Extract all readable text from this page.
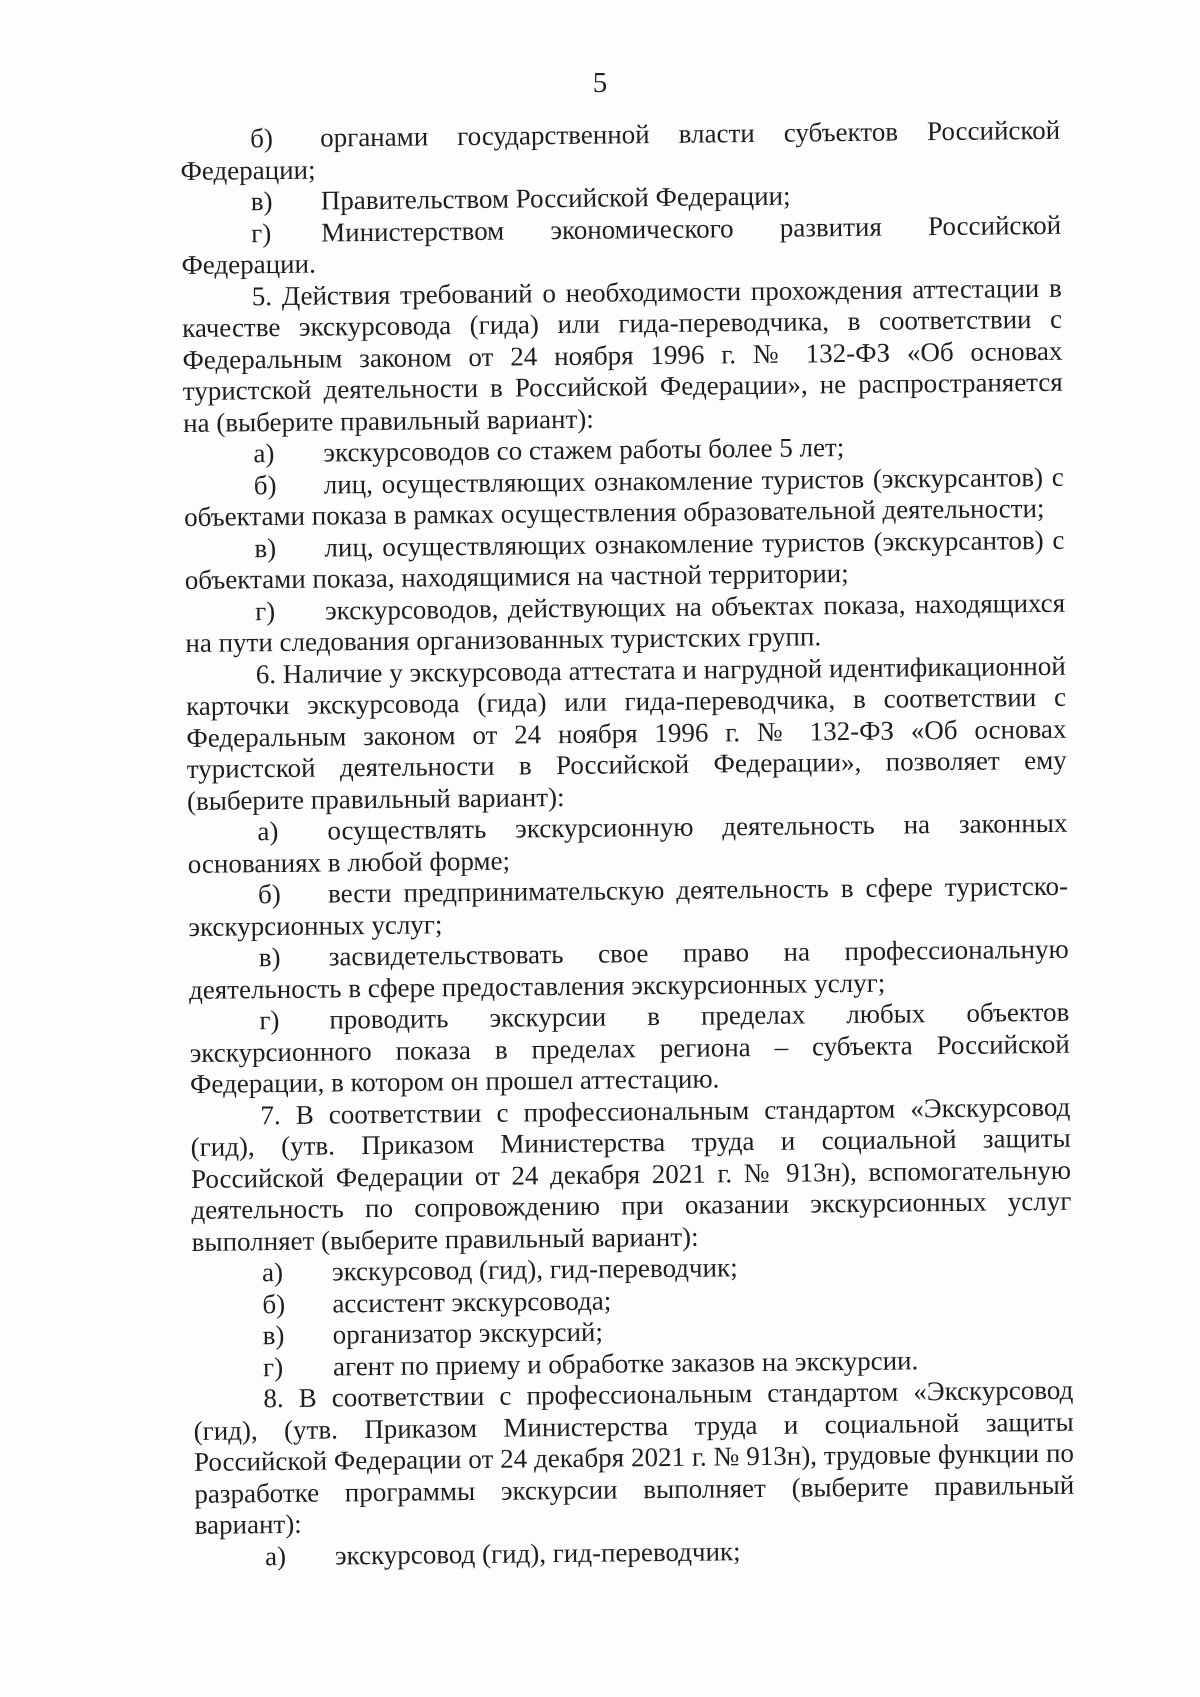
5

б) органами государственной власти субъектов Российской Федерации;

в) Правительством Российской Федерации;

г) Министерством экономического развития Российской Федерации.

5. Действия требований о необходимости прохождения аттестации в качестве экскурсовода (гида) или гида-переводчика, в соответствии с Федеральным законом от 24 ноября 1996 г. № 132-ФЗ «Об основах туристской деятельности в Российской Федерации», не распространяется на (выберите правильный вариант):

а) экскурсоводов со стажем работы более 5 лет;

б) лиц, осуществляющих ознакомление туристов (экскурсантов) с объектами показа в рамках осуществления образовательной деятельности;

в) лиц, осуществляющих ознакомление туристов (экскурсантов) с объектами показа, находящимися на частной территории;

г) экскурсоводов, действующих на объектах показа, находящихся на пути следования организованных туристских групп.

6. Наличие у экскурсовода аттестата и нагрудной идентификационной карточки экскурсовода (гида) или гида-переводчика, в соответствии с Федеральным законом от 24 ноября 1996 г. № 132-ФЗ «Об основах туристской деятельности в Российской Федерации», позволяет ему (выберите правильный вариант):

а) осуществлять экскурсионную деятельность на законных основаниях в любой форме;

б) вести предпринимательскую деятельность в сфере туристско-экскурсионных услуг;

в) засвидетельствовать свое право на профессиональную деятельность в сфере предоставления экскурсионных услуг;

г) проводить экскурсии в пределах любых объектов экскурсионного показа в пределах региона – субъекта Российской Федерации, в котором он прошел аттестацию.

7. В соответствии с профессиональным стандартом «Экскурсовод (гид), (утв. Приказом Министерства труда и социальной защиты Российской Федерации от 24 декабря 2021 г. № 913н), вспомогательную деятельность по сопровождению при оказании экскурсионных услуг выполняет (выберите правильный вариант):

а) экскурсовод (гид), гид-переводчик;

б) ассистент экскурсовода;

в) организатор экскурсий;

г) агент по приему и обработке заказов на экскурсии.

8. В соответствии с профессиональным стандартом «Экскурсовод (гид), (утв. Приказом Министерства труда и социальной защиты Российской Федерации от 24 декабря 2021 г. № 913н), трудовые функции по разработке программы экскурсии выполняет (выберите правильный вариант):

а) экскурсовод (гид), гид-переводчик;
